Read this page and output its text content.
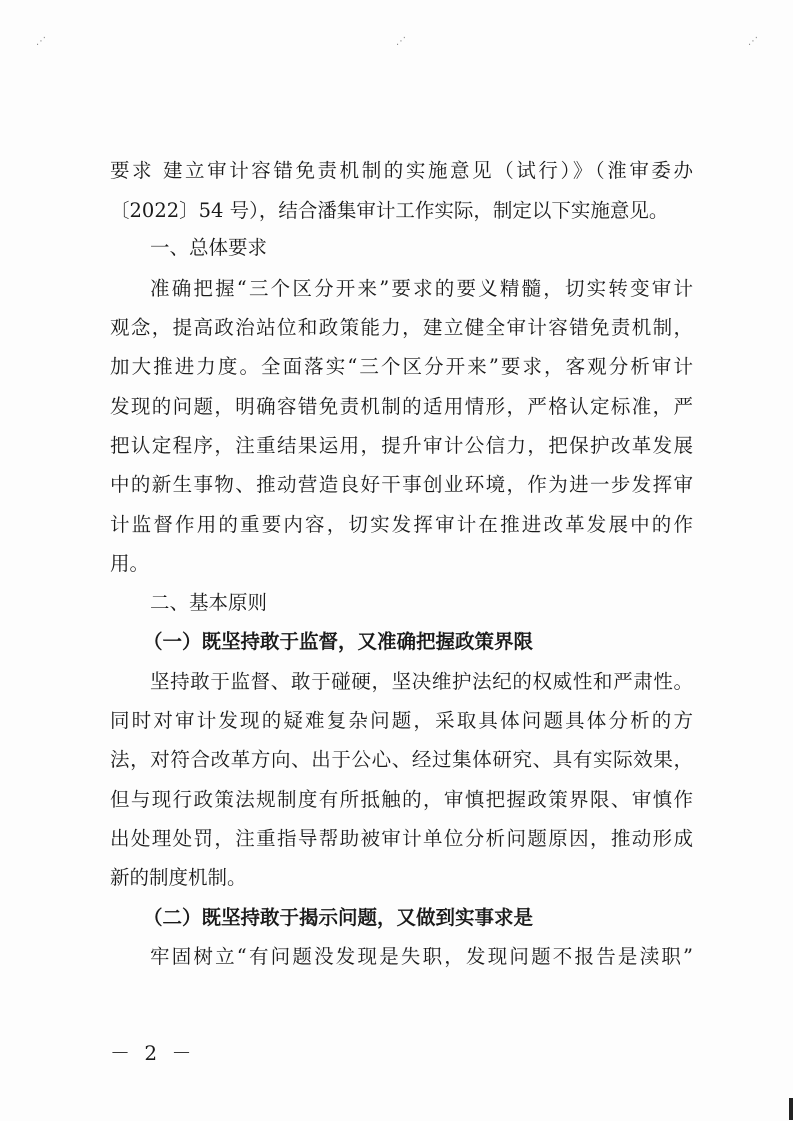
⋰	⋰	⋰
要求 建立审计容错免责机制的实施意见（试行）》（淮审委办
〔2022〕54 号），结合潘集审计工作实际，制定以下实施意见。
一、总体要求
准确把握“三个区分开来”要求的要义精髓，切实转变审计
观念，提高政治站位和政策能力，建立健全审计容错免责机制，
加大推进力度。全面落实“三个区分开来”要求，客观分析审计
发现的问题，明确容错免责机制的适用情形，严格认定标准，严
把认定程序，注重结果运用，提升审计公信力，把保护改革发展
中的新生事物、推动营造良好干事创业环境，作为进一步发挥审
计监督作用的重要内容，切实发挥审计在推进改革发展中的作
用。
二、基本原则
（一）既坚持敢于监督，又准确把握政策界限
坚持敢于监督、敢于碰硬，坚决维护法纪的权威性和严肃性。
同时对审计发现的疑难复杂问题，采取具体问题具体分析的方
法，对符合改革方向、出于公心、经过集体研究、具有实际效果，
但与现行政策法规制度有所抵触的，审慎把握政策界限、审慎作
出处理处罚，注重指导帮助被审计单位分析问题原因，推动形成
新的制度机制。
（二）既坚持敢于揭示问题，又做到实事求是
牢固树立“有问题没发现是失职，发现问题不报告是渎职”
－ 2 －
